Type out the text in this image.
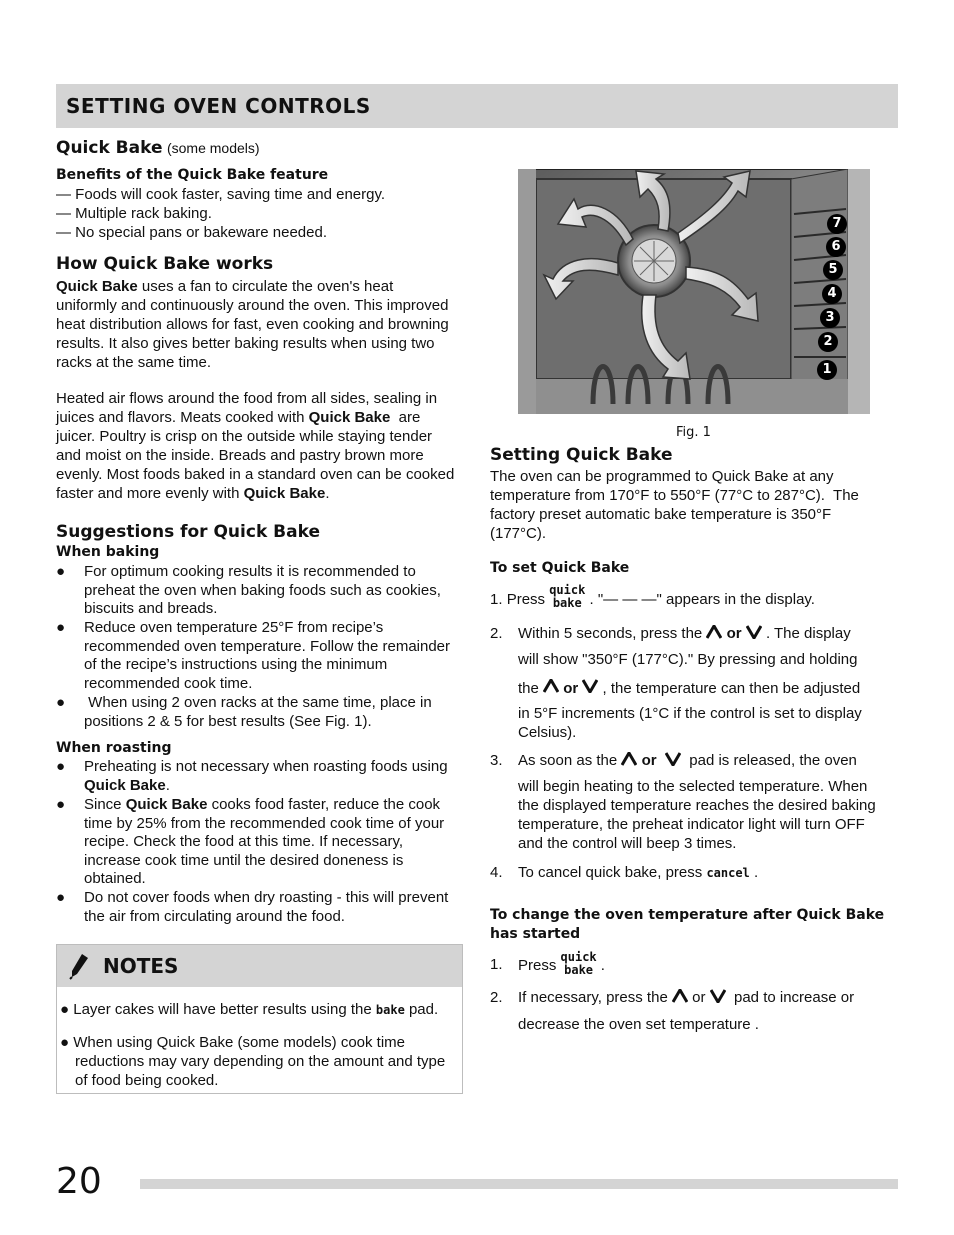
SETTING OVEN CONTROLS
Quick Bake (some models)
Benefits of the Quick Bake feature
— Foods will cook faster, saving time and energy.
— Multiple rack baking.
— No special pans or bakeware needed.
How Quick Bake works
Quick Bake uses a fan to circulate the oven's heat
uniformly and continuously around the oven. This improved
heat distribution allows for fast, even cooking and browning
results. It also gives better baking results when using two
racks at the same time.
Heated air flows around the food from all sides, sealing in
juices and flavors. Meats cooked with Quick Bake  are
juicer. Poultry is crisp on the outside while staying tender
and moist on the inside. Breads and pastry brown more
evenly. Most foods baked in a standard oven can be cooked
faster and more evenly with Quick Bake.
Suggestions for Quick Bake
When baking
● For optimum cooking results it is recommended to
preheat the oven when baking foods such as cookies,
biscuits and breads.
● Reduce oven temperature 25°F from recipe’s
recommended oven temperature. Follow the remainder
of the recipe’s instructions using the minimum
recommended cook time.
● When using 2 oven racks at the same time, place in
positions 2 & 5 for best results (See Fig. 1).
When roasting
● Preheating is not necessary when roasting foods using
Quick Bake.
● Since Quick Bake cooks food faster, reduce the cook
time by 25% from the recommended cook time of your
recipe. Check the food at this time. If necessary,
increase cook time until the desired doneness is
obtained.
● Do not cover foods when dry roasting - this will prevent
the air from circulating around the food.
NOTES
● Layer cakes will have better results using the bake pad.
● When using Quick Bake (some models) cook time
reductions may vary depending on the amount and type
of food being cooked.
7
6
5
4
3
2
1
Fig. 1
Setting Quick Bake
The oven can be programmed to Quick Bake at any
temperature from 170°F to 550°F (77°C to 287°C).  The
factory preset automatic bake temperature is 350°F
(177°C).
To set Quick Bake
1. Press quick
bake . "— — —" appears in the display.
2. Within 5 seconds, press the  or  . The display
will show "350°F (177°C)." By pressing and holding
the  or  , the temperature can then be adjusted
in 5°F increments (1°C if the control is set to display
Celsius).
3. As soon as the  or    pad is released, the oven
will begin heating to the selected temperature. When
the displayed temperature reaches the desired baking
temperature, the preheat indicator light will turn OFF
and the control will beep 3 times.
4. To cancel quick bake, press cancel .
To change the oven temperature after Quick Bake
has started
1. Press quick
bake .
2. If necessary, press the  or   pad to increase or
decrease the oven set temperature .
20
